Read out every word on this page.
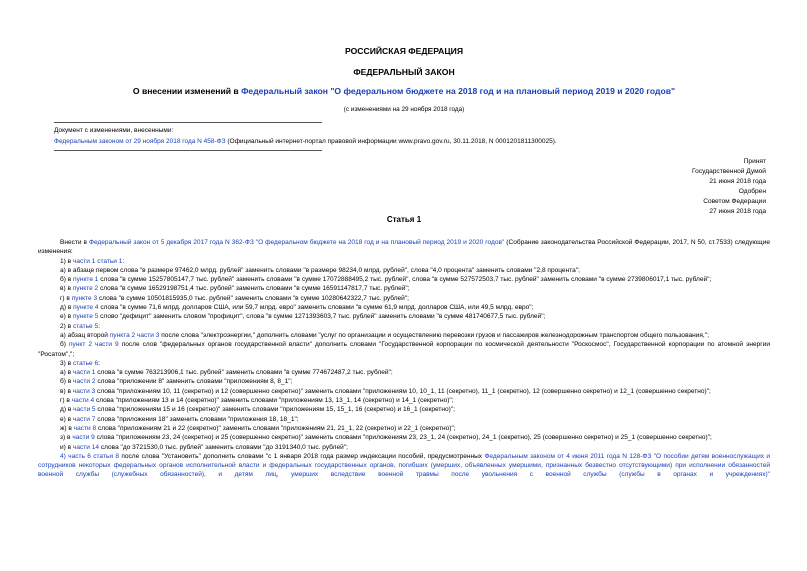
РОССИЙСКАЯ ФЕДЕРАЦИЯ
ФЕДЕРАЛЬНЫЙ ЗАКОН
О внесении изменений в Федеральный закон "О федеральном бюджете на 2018 год и на плановый период 2019 и 2020 годов"
(с изменениями на 29 ноября 2018 года)
Документ с изменениями, внесенными:
Федеральным законом от 29 ноября 2018 года N 458-ФЗ (Официальный интернет-портал правовой информации www.pravo.gov.ru, 30.11.2018, N 0001201811300025).
Принят
Государственной Думой
21 июня 2018 года
Одобрен
Советом Федерации
27 июня 2018 года
Статья 1

Внести в Федеральный закон от 5 декабря 2017 года N 362-ФЗ "О федеральном бюджете на 2018 год и на плановый период 2019 и 2020 годов" (Собрание законодательства Российской Федерации, 2017, N 50, ст.7533) следующие изменения:

1) в части 1 статьи 1:

а) в абзаце первом слова "в размере 97462,0 млрд. рублей" заменить словами "в размере 98234,0 млрд. рублей", слова "4,0 процента" заменить словами "2,8 процента";

б) в пункте 1 слова "в сумме 15257805147,7 тыс. рублей" заменить словами "в сумме 17072888495,2 тыс. рублей", слова "в сумме 527572503,7 тыс. рублей" заменить словами "в сумме 2739806017,1 тыс. рублей";

в) в пункте 2 слова "в сумме 16529198751,4 тыс. рублей" заменить словами "в сумме 16591147817,7 тыс. рублей";

г) в пункте 3 слова "в сумме 10501815935,0 тыс. рублей" заменить словами "в сумме 10280642322,7 тыс. рублей";

д) в пункте 4 слова "в сумме 71,6 млрд. долларов США, или 59,7 млрд. евро" заменить словами "в сумме 61,9 млрд. долларов США, или 49,5 млрд. евро";

е) в пункте 5 слово "дефицит" заменить словом "профицит", слова "в сумме 1271393603,7 тыс. рублей" заменить словами "в сумме 481740677,5 тыс. рублей";

2) в статье 5:

а) абзац второй пункта 2 части 3 после слова "электроэнергии," дополнить словами "услуг по организации и осуществлению перевозки грузов и пассажиров железнодорожным транспортом общего пользования,";

б) пункт 2 части 9 после слов "федеральных органов государственной власти" дополнить словами "Государственной корпорации по космической деятельности "Роскосмос", Государственной корпорации по атомной энергии "Росатом",";

3) в статье 6:

а) в части 1 слова "в сумме 763213906,1 тыс. рублей" заменить словами "в сумме 774672487,2 тыс. рублей";

б) в части 2 слова "приложении 8" заменить словами "приложениям 8, 8_1";

в) в части 3 слова "приложениям 10, 11 (секретно) и 12 (совершенно секретно)" заменить словами "приложениям 10, 10_1, 11 (секретно), 11_1 (секретно), 12 (совершенно секретно) и 12_1 (совершенно секретно)";

г) в части 4 слова "приложениям 13 и 14 (секретно)" заменить словами "приложениям 13, 13_1, 14 (секретно) и 14_1 (секретно)";

д) в части 5 слова "приложениям 15 и 16 (секретно)" заменить словами "приложениям 15, 15_1, 16 (секретно) и 16_1 (секретно)";

е) в части 7 слова "приложения 18" заменить словами "приложения 18, 18_1";

ж) в части 8 слова "приложениям 21 и 22 (секретно)" заменить словами "приложениям 21, 21_1, 22 (секретно) и 22_1 (секретно)";

з) в части 9 слова "приложениям 23, 24 (секретно) и 25 (совершенно секретно)" заменить словами "приложениям 23, 23_1, 24 (секретно), 24_1 (секретно), 25 (совершенно секретно) и 25_1 (совершенно секретно)";

и) в части 14 слова "до 3721530,0 тыс. рублей" заменить словами "до 3191340,0 тыс. рублей";

4) часть 6 статьи 8 после слова "Установить" дополнить словами "с 1 января 2018 года размер индексации пособий, предусмотренных Федеральным законом от 4 июня 2011 года N 128-ФЗ "О пособии детям военнослужащих и сотрудников некоторых федеральных органов исполнительной власти и федеральных государственных органов, погибших (умерших, объявленных умершими, признанных безвестно отсутствующими) при исполнении обязанностей военной службы (служебных обязанностей), и детям лиц, умерших вследствие военной травмы после увольнения с военной службы (службы в органах и учреждениях)"
